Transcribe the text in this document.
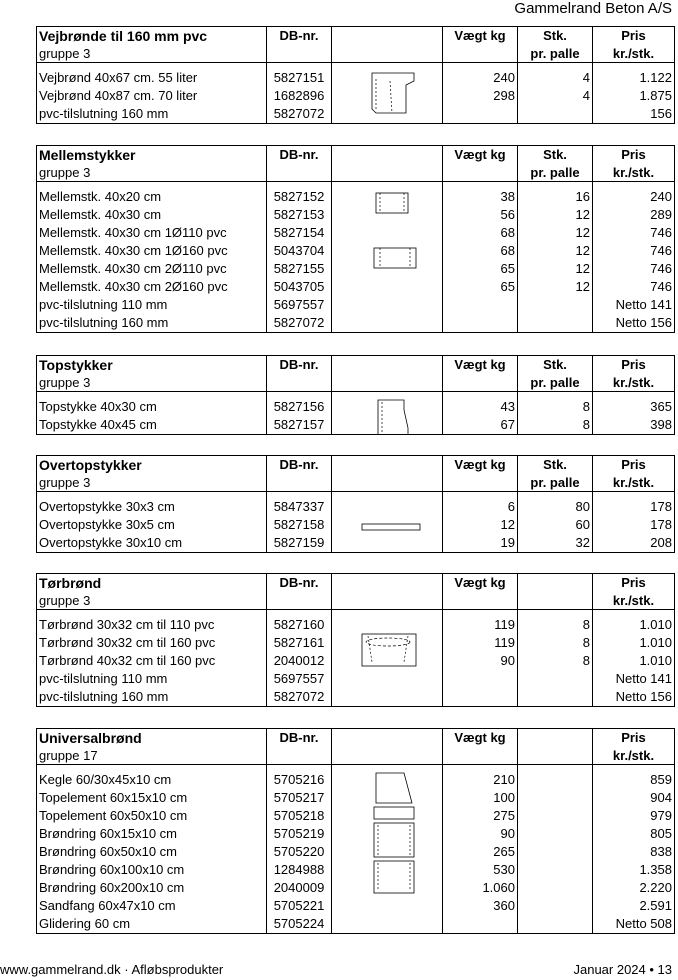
Gammelrand Beton A/S
Vejbrønde til 160 mm pvc	DB-nr.		Vægt kg	Stk.	Pris
gruppe 3				pr. palle	kr./stk.

Vejbrønd 40x67 cm. 55 liter	5827151		240	4	1.122
Vejbrønd 40x87 cm. 70 liter	1682896		298	4	1.875
pvc-tilslutning 160 mm	5827072				156
Mellemstykker	DB-nr.		Vægt kg	Stk.	Pris
gruppe 3				pr. palle	kr./stk.

Mellemstk. 40x20 cm	5827152		38	16	240
Mellemstk. 40x30 cm	5827153		56	12	289
Mellemstk. 40x30 cm 1Ø110 pvc	5827154		68	12	746
Mellemstk. 40x30 cm 1Ø160 pvc	5043704		68	12	746
Mellemstk. 40x30 cm 2Ø110 pvc	5827155		65	12	746
Mellemstk. 40x30 cm 2Ø160 pvc	5043705		65	12	746
pvc-tilslutning 110 mm	5697557				Netto 141
pvc-tilslutning 160 mm	5827072				Netto 156
Topstykker	DB-nr.		Vægt kg	Stk.	Pris
gruppe 3				pr. palle	kr./stk.

Topstykke 40x30 cm	5827156		43	8	365
Topstykke 40x45 cm	5827157		67	8	398
Overtopstykker	DB-nr.		Vægt kg	Stk.	Pris
gruppe 3				pr. palle	kr./stk.

Overtopstykke 30x3 cm	5847337		6	80	178
Overtopstykke 30x5 cm	5827158		12	60	178
Overtopstykke 30x10 cm	5827159		19	32	208
Tørbrønd	DB-nr.		Vægt kg		Pris
gruppe 3					kr./stk.

Tørbrønd 30x32 cm til 110 pvc	5827160		119	8	1.010
Tørbrønd 30x32 cm til 160 pvc	5827161		119	8	1.010
Tørbrønd 40x32 cm til 160 pvc	2040012		90	8	1.010
pvc-tilslutning 110 mm	5697557				Netto 141
pvc-tilslutning 160 mm	5827072				Netto 156
Universalbrønd	DB-nr.		Vægt kg		Pris
gruppe 17					kr./stk.

Kegle 60/30x45x10 cm	5705216		210		859
Topelement 60x15x10 cm	5705217		100		904
Topelement 60x50x10 cm	5705218		275		979
Brøndring 60x15x10 cm	5705219		90		805
Brøndring 60x50x10 cm	5705220		265		838
Brøndring 60x100x10 cm	1284988		530		1.358
Brøndring 60x200x10 cm	2040009		1.060		2.220
Sandfang 60x47x10 cm	5705221		360		2.591
Glidering 60 cm	5705224				Netto 508
www.gammelrand.dk · Afløbsprodukter	Januar 2024 • 13
